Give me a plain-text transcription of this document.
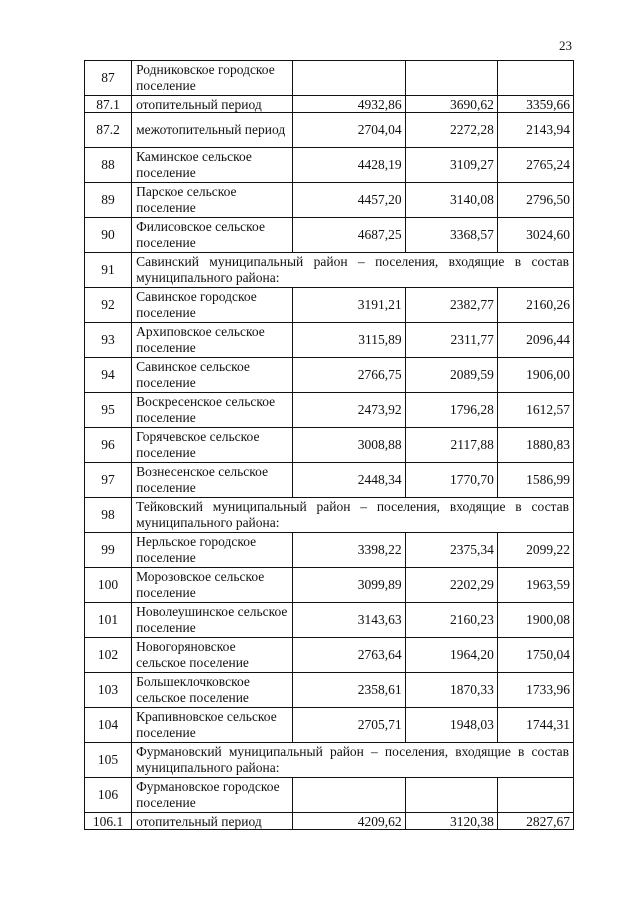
23
87	Родниковское городское поселение			
87.1	отопительный период	4932,86	3690,62	3359,66
87.2	межотопительный период	2704,04	2272,28	2143,94
88	Каминское сельское поселение	4428,19	3109,27	2765,24
89	Парское сельское поселение	4457,20	3140,08	2796,50
90	Филисовское сельское поселение	4687,25	3368,57	3024,60
91	Савинский муниципальный район – поселения, входящие в состав муниципального района:			
92	Савинское городское поселение	3191,21	2382,77	2160,26
93	Архиповское сельское поселение	3115,89	2311,77	2096,44
94	Савинское сельское поселение	2766,75	2089,59	1906,00
95	Воскресенское сельское поселение	2473,92	1796,28	1612,57
96	Горячевское сельское поселение	3008,88	2117,88	1880,83
97	Вознесенское сельское поселение	2448,34	1770,70	1586,99
98	Тейковский муниципальный район – поселения, входящие в состав муниципального района:			
99	Нерльское городское поселение	3398,22	2375,34	2099,22
100	Морозовское сельское поселение	3099,89	2202,29	1963,59
101	Новолеушинское сельское поселение	3143,63	2160,23	1900,08
102	Новогоряновское сельское поселение	2763,64	1964,20	1750,04
103	Большеклочковское сельское поселение	2358,61	1870,33	1733,96
104	Крапивновское сельское поселение	2705,71	1948,03	1744,31
105	Фурмановский муниципальный район – поселения, входящие в состав муниципального района:			
106	Фурмановское городское поселение			
106.1	отопительный период	4209,62	3120,38	2827,67
